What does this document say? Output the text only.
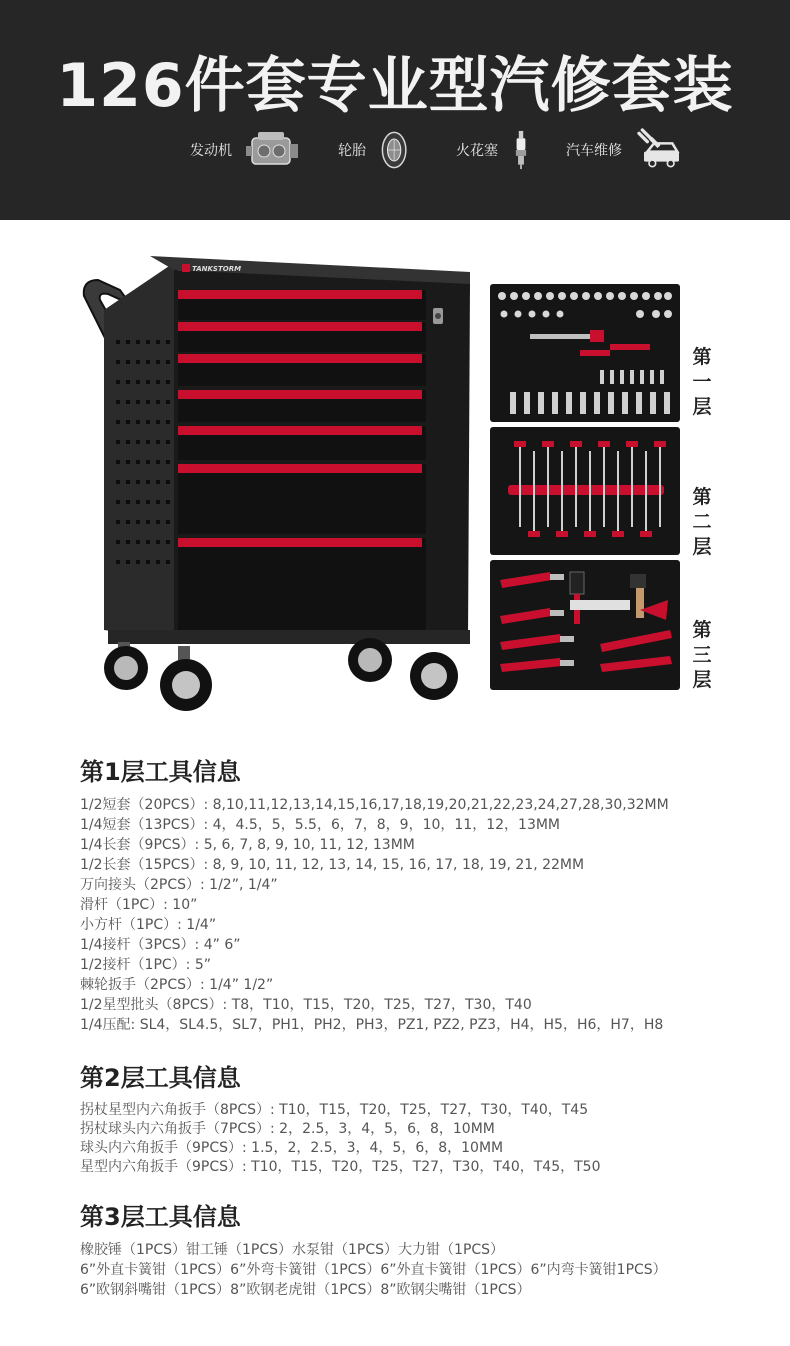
126件套专业型汽修套装
发动机	轮胎	火花塞	汽车维修
TANKSTORM
第一层
第二层
第三层
第1层工具信息
1/2短套（20PCS）: 8,10,11,12,13,14,15,16,17,18,19,20,21,22,23,24,27,28,30,32MM
1/4短套（13PCS）: 4，4.5，5，5.5，6，7，8，9，10，11，12，13MM
1/4长套（9PCS）: 5, 6, 7, 8, 9, 10, 11, 12, 13MM
1/2长套（15PCS）: 8, 9, 10, 11, 12, 13, 14, 15, 16, 17, 18, 19, 21, 22MM
万向接头（2PCS）: 1/2”, 1/4”
滑杆（1PC）: 10”
小方杆（1PC）: 1/4”
1/4接杆（3PCS）: 4” 6”
1/2接杆（1PC）: 5”
棘轮扳手（2PCS）: 1/4” 1/2”
1/2星型批头（8PCS）: T8，T10，T15，T20，T25，T27，T30，T40
1/4压配: SL4，SL4.5，SL7，PH1，PH2，PH3，PZ1, PZ2, PZ3，H4，H5，H6，H7，H8
第2层工具信息
拐杖星型内六角扳手（8PCS）: T10，T15，T20，T25，T27，T30，T40，T45
拐杖球头内六角扳手（7PCS）: 2，2.5，3，4，5，6，8，10MM
球头内六角扳手（9PCS）: 1.5，2，2.5，3，4，5，6，8，10MM
星型内六角扳手（9PCS）: T10，T15，T20，T25，T27，T30，T40，T45，T50
第3层工具信息
橡胶锤（1PCS）钳工锤（1PCS）水泵钳（1PCS）大力钳（1PCS）
6”外直卡簧钳（1PCS）6”外弯卡簧钳（1PCS）6”外直卡簧钳（1PCS）6”内弯卡簧钳1PCS）
6”欧钢斜嘴钳（1PCS）8”欧钢老虎钳（1PCS）8”欧钢尖嘴钳（1PCS）
